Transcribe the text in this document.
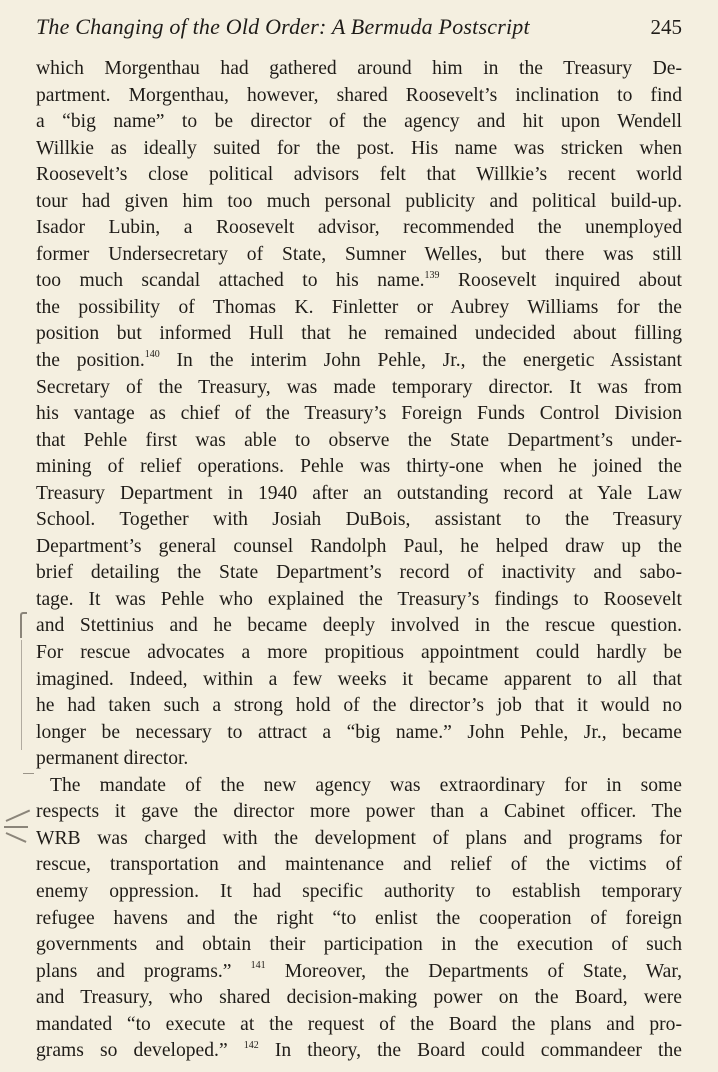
The Changing of the Old Order: A Bermuda Postscript	245
which Morgenthau had gathered around him in the Treasury De-
partment. Morgenthau, however, shared Roosevelt’s inclination to find
a “big name” to be director of the agency and hit upon Wendell
Willkie as ideally suited for the post. His name was stricken when
Roosevelt’s close political advisors felt that Willkie’s recent world
tour had given him too much personal publicity and political build-up.
Isador Lubin, a Roosevelt advisor, recommended the unemployed
former Undersecretary of State, Sumner Welles, but there was still
too much scandal attached to his name.$^{139}$ Roosevelt inquired about
the possibility of Thomas K. Finletter or Aubrey Williams for the
position but informed Hull that he remained undecided about filling
the position.$^{140}$ In the interim John Pehle, Jr., the energetic Assistant
Secretary of the Treasury, was made temporary director. It was from
his vantage as chief of the Treasury’s Foreign Funds Control Division
that Pehle first was able to observe the State Department’s under-
mining of relief operations. Pehle was thirty-one when he joined the
Treasury Department in 1940 after an outstanding record at Yale Law
School. Together with Josiah DuBois, assistant to the Treasury
Department’s general counsel Randolph Paul, he helped draw up the
brief detailing the State Department’s record of inactivity and sabo-
tage. It was Pehle who explained the Treasury’s findings to Roosevelt
and Stettinius and he became deeply involved in the rescue question.
For rescue advocates a more propitious appointment could hardly be
imagined. Indeed, within a few weeks it became apparent to all that
he had taken such a strong hold of the director’s job that it would no
longer be necessary to attract a “big name.” John Pehle, Jr., became
permanent director.
The mandate of the new agency was extraordinary for in some
respects it gave the director more power than a Cabinet officer. The
WRB was charged with the development of plans and programs for
rescue, transportation and maintenance and relief of the victims of
enemy oppression. It had specific authority to establish temporary
refugee havens and the right “to enlist the cooperation of foreign
governments and obtain their participation in the execution of such
plans and programs.” $^{141}$ Moreover, the Departments of State, War,
and Treasury, who shared decision-making power on the Board, were
mandated “to execute at the request of the Board the plans and pro-
grams so developed.” $^{142}$ In theory, the Board could commandeer the
